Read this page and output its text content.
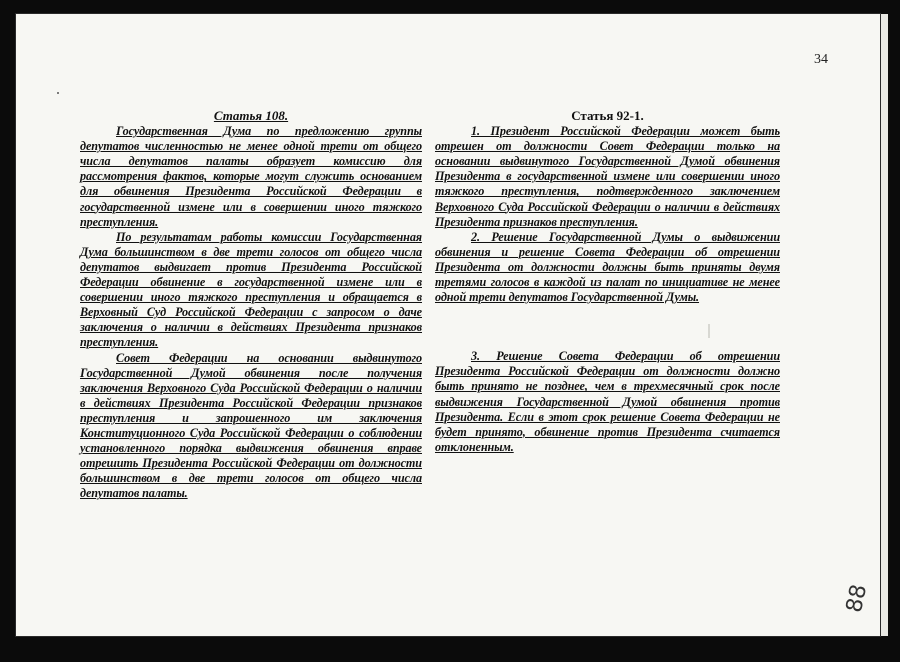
34
Статья 108.

Государственная Дума по предложению группы депутатов численностью не менее одной трети от общего числа депутатов палаты образует комиссию для рассмотрения фактов, которые могут служить основанием для обвинения Президента Российской Федерации в государственной измене или в совершении иного тяжкого преступления.

По результатам работы комиссии Государственная Дума большинством в две трети голосов от общего числа депутатов выдвигает против Президента Российской Федерации обвинение в государственной измене или в совершении иного тяжкого преступления и обращается в Верховный Суд Российской Федерации с запросом о даче заключения о наличии в действиях Президента признаков преступления.

Совет Федерации на основании выдвинутого Государственной Думой обвинения после получения заключения Верховного Суда Российской Федерации о наличии в действиях Президента Российской Федерации признаков преступления и запрошенного им заключения Конституционного Суда Российской Федерации о соблюдении установленного порядка выдвижения обвинения вправе отрешить Президента Российской Федерации от должности большинством в две трети голосов от общего числа депутатов палаты.

Статья 92-1.

1. Президент Российской Федерации может быть отрешен от должности Совет Федерации только на основании выдвинутого Государственной Думой обвинения Президента в государственной измене или совершении иного тяжкого преступления, подтвержденного заключением Верховного Суда Российской Федерации о наличии в действиях Президента признаков преступления.

2. Решение Государственной Думы о выдвижении обвинения и решение Совета Федерации об отрешении Президента от должности должны быть приняты двумя третями голосов в каждой из палат по инициативе не менее одной трети депутатов Государственной Думы.

3. Решение Совета Федерации об отрешении Президента Российской Федерации от должности должно быть принято не позднее, чем в трехмесячный срок после выдвижения Государственной Думой обвинения против Президента. Если в этот срок решение Совета Федерации не будет принято, обвинение против Президента считается отклоненным.

88
